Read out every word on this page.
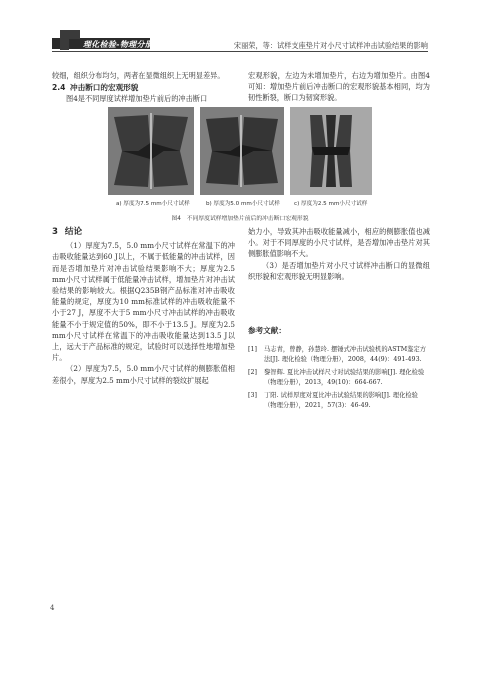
理化检验-物理分册	宋丽荣，等：试样支座垫片对小尺寸试样冲击试验结果的影响

较细，组织分布均匀，两者在显微组织上无明显差异。

2.4 冲击断口的宏观形貌

图4是不同厚度试样增加垫片前后的冲击断口

宏观形貌，左边为未增加垫片，右边为增加垫片。由图4可知：增加垫片前后冲击断口的宏观形貌基本相同，均为韧性断裂，断口为韧窝形貌。

a) 厚度为7.5 mm小尺寸试样	b) 厚度为5.0 mm小尺寸试样	c) 厚度为2.5 mm小尺寸试样
图4　不同厚度试样增加垫片前后的冲击断口宏观形貌

3 结论

（1）厚度为7.5，5.0 mm小尺寸试样在常温下的冲击吸收能量达到60 J以上，不属于低能量的冲击试样，因而是否增加垫片对冲击试验结果影响不大；厚度为2.5 mm小尺寸试样属于低能量冲击试样，增加垫片对冲击试验结果的影响较大。根据Q235B钢产品标准对冲击吸收能量的规定，厚度为10 mm标准试样的冲击吸收能量不小于27 J，厚度不大于5 mm小尺寸冲击试样的冲击吸收能量不小于规定值的50%，即不小于13.5 J。厚度为2.5 mm小尺寸试样在常温下的冲击吸收能量达到13.5 J以上，远大于产品标准的规定，试验时可以选择性地增加垫片。

（2）厚度为7.5，5.0 mm小尺寸试样的侧膨胀值相差很小，厚度为2.5 mm小尺寸试样的裂纹扩展起

始力小，导致其冲击吸收能量减小，相应的侧膨胀值也减小。对于不同厚度的小尺寸试样，是否增加冲击垫片对其侧膨胀值影响不大。

（3）是否增加垫片对小尺寸试样冲击断口的显微组织形貌和宏观形貌无明显影响。

参考文献：
[1]	马志青，曾静，孙慧玲. 摆锤式冲击试验机的ASTM鉴定方法[J]. 理化检验（物理分册），2008，44(9)：491-493.
[2]	黎智辉. 夏比冲击试样尺寸对试验结果的影响[J]. 理化检验（物理分册），2013，49(10)：664-667.
[3]	丁阳. 试样厚度对夏比冲击试验结果的影响[J]. 理化检验（物理分册），2021，57(3)：46-49.
4
